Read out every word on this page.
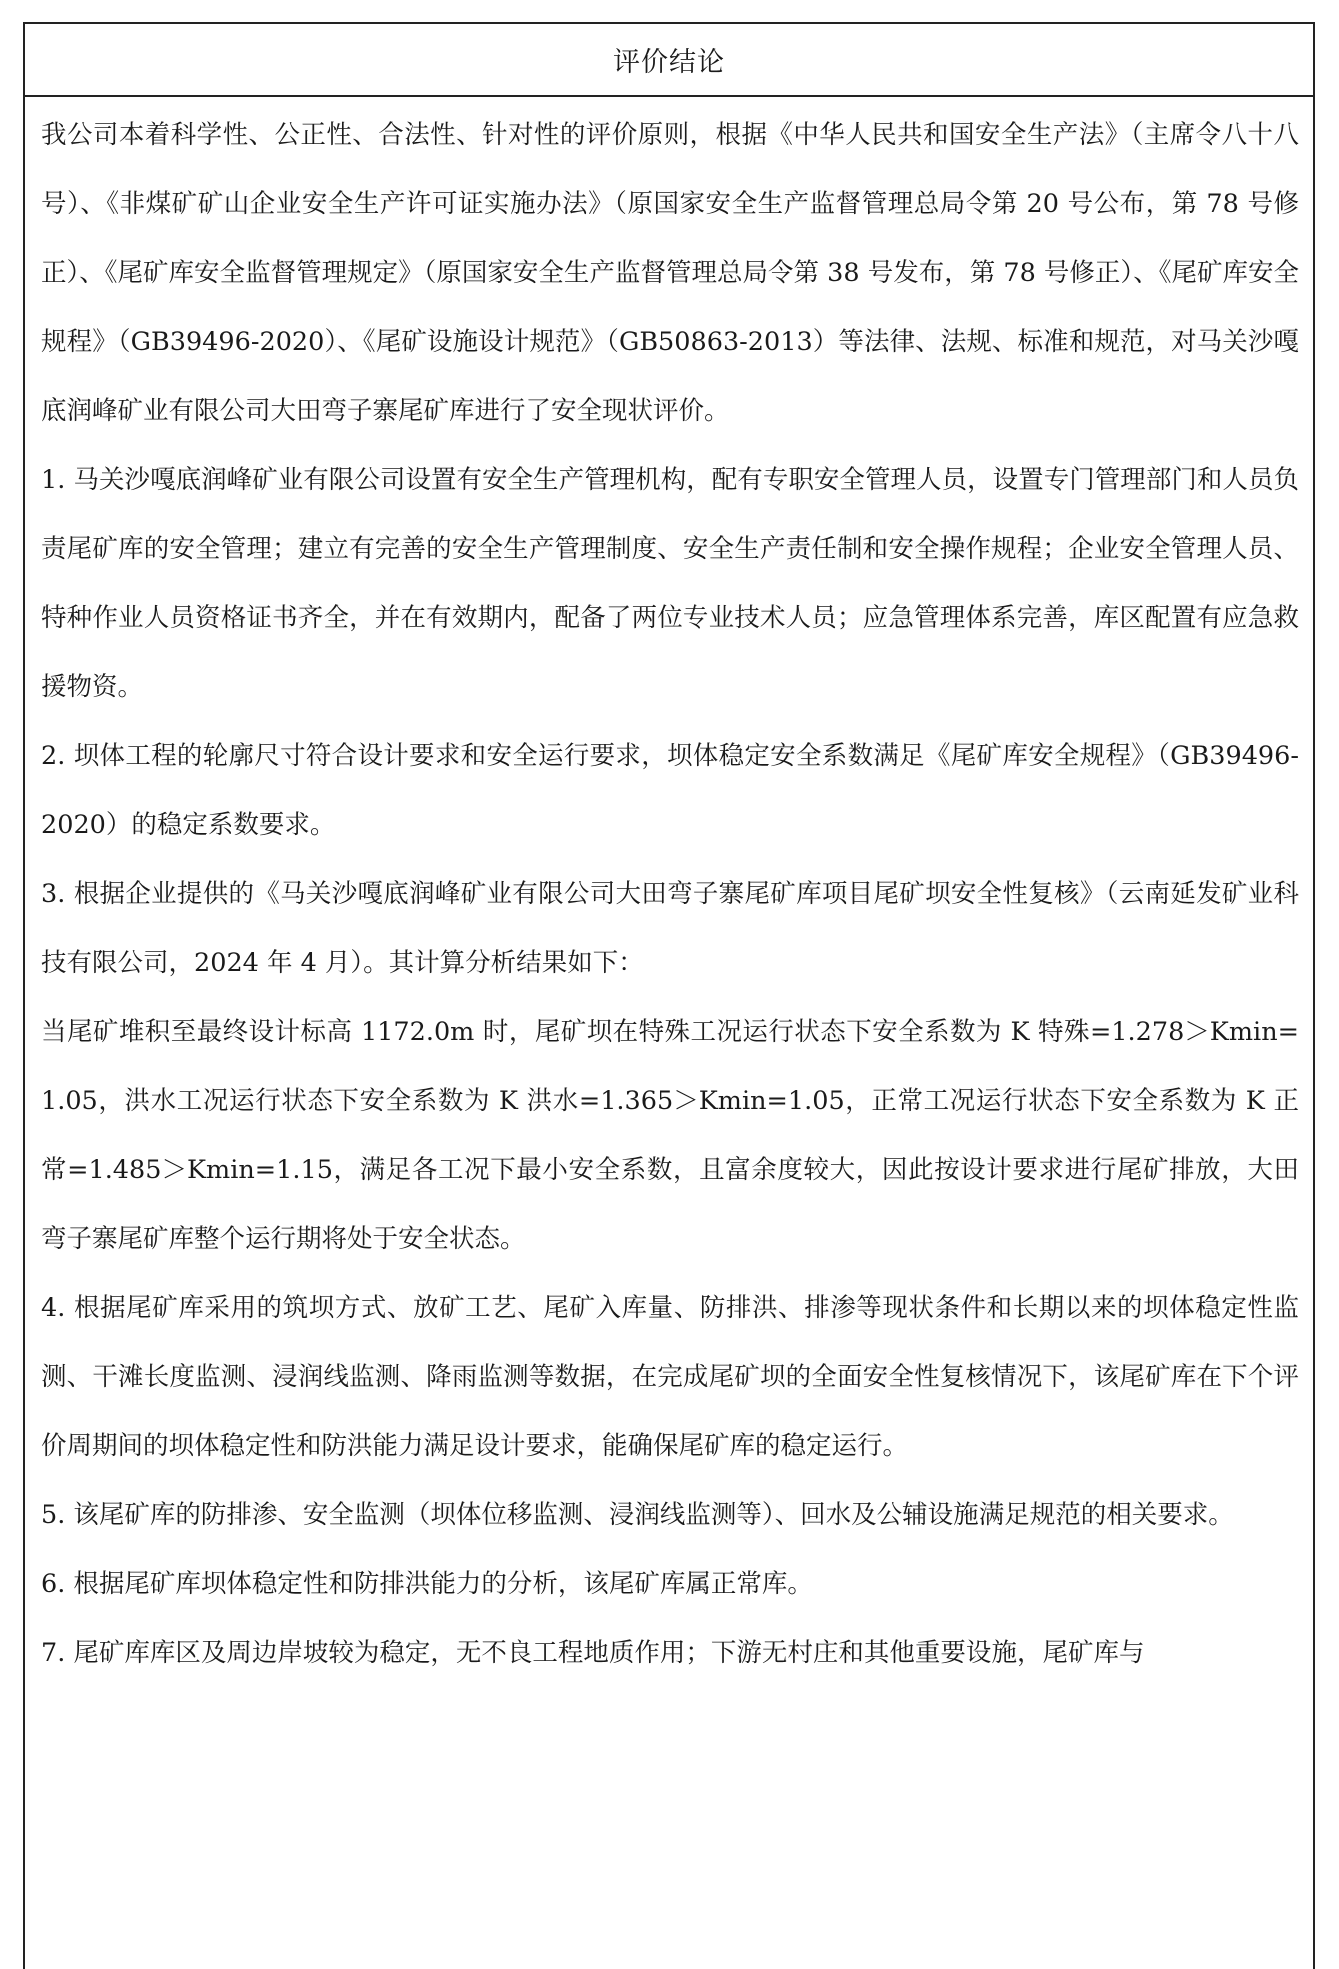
评价结论

我公司本着科学性、公正性、合法性、针对性的评价原则，根据《中华人民共和国安全生产法》（主席令八十八号）、《非煤矿矿山企业安全生产许可证实施办法》（原国家安全生产监督管理总局令第 20 号公布，第 78 号修正）、《尾矿库安全监督管理规定》（原国家安全生产监督管理总局令第 38 号发布，第 78 号修正）、《尾矿库安全规程》（GB39496-2020）、《尾矿设施设计规范》（GB50863-2013）等法律、法规、标准和规范，对马关沙嘎底润峰矿业有限公司大田弯子寨尾矿库进行了安全现状评价。

1. 马关沙嘎底润峰矿业有限公司设置有安全生产管理机构，配有专职安全管理人员，设置专门管理部门和人员负责尾矿库的安全管理；建立有完善的安全生产管理制度、安全生产责任制和安全操作规程；企业安全管理人员、特种作业人员资格证书齐全，并在有效期内，配备了两位专业技术人员；应急管理体系完善，库区配置有应急救援物资。

2. 坝体工程的轮廓尺寸符合设计要求和安全运行要求，坝体稳定安全系数满足《尾矿库安全规程》（GB39496-2020）的稳定系数要求。

3. 根据企业提供的《马关沙嘎底润峰矿业有限公司大田弯子寨尾矿库项目尾矿坝安全性复核》（云南延发矿业科技有限公司，2024 年 4 月）。其计算分析结果如下：

当尾矿堆积至最终设计标高 1172.0m 时，尾矿坝在特殊工况运行状态下安全系数为 K 特殊=1.278＞Kmin=1.05，洪水工况运行状态下安全系数为 K 洪水=1.365＞Kmin=1.05，正常工况运行状态下安全系数为 K 正常=1.485＞Kmin=1.15，满足各工况下最小安全系数，且富余度较大，因此按设计要求进行尾矿排放，大田弯子寨尾矿库整个运行期将处于安全状态。

4. 根据尾矿库采用的筑坝方式、放矿工艺、尾矿入库量、防排洪、排渗等现状条件和长期以来的坝体稳定性监测、干滩长度监测、浸润线监测、降雨监测等数据，在完成尾矿坝的全面安全性复核情况下，该尾矿库在下个评价周期间的坝体稳定性和防洪能力满足设计要求，能确保尾矿库的稳定运行。

5. 该尾矿库的防排渗、安全监测（坝体位移监测、浸润线监测等）、回水及公辅设施满足规范的相关要求。

6. 根据尾矿库坝体稳定性和防排洪能力的分析，该尾矿库属正常库。

7. 尾矿库库区及周边岸坡较为稳定，无不良工程地质作用；下游无村庄和其他重要设施，尾矿库与
